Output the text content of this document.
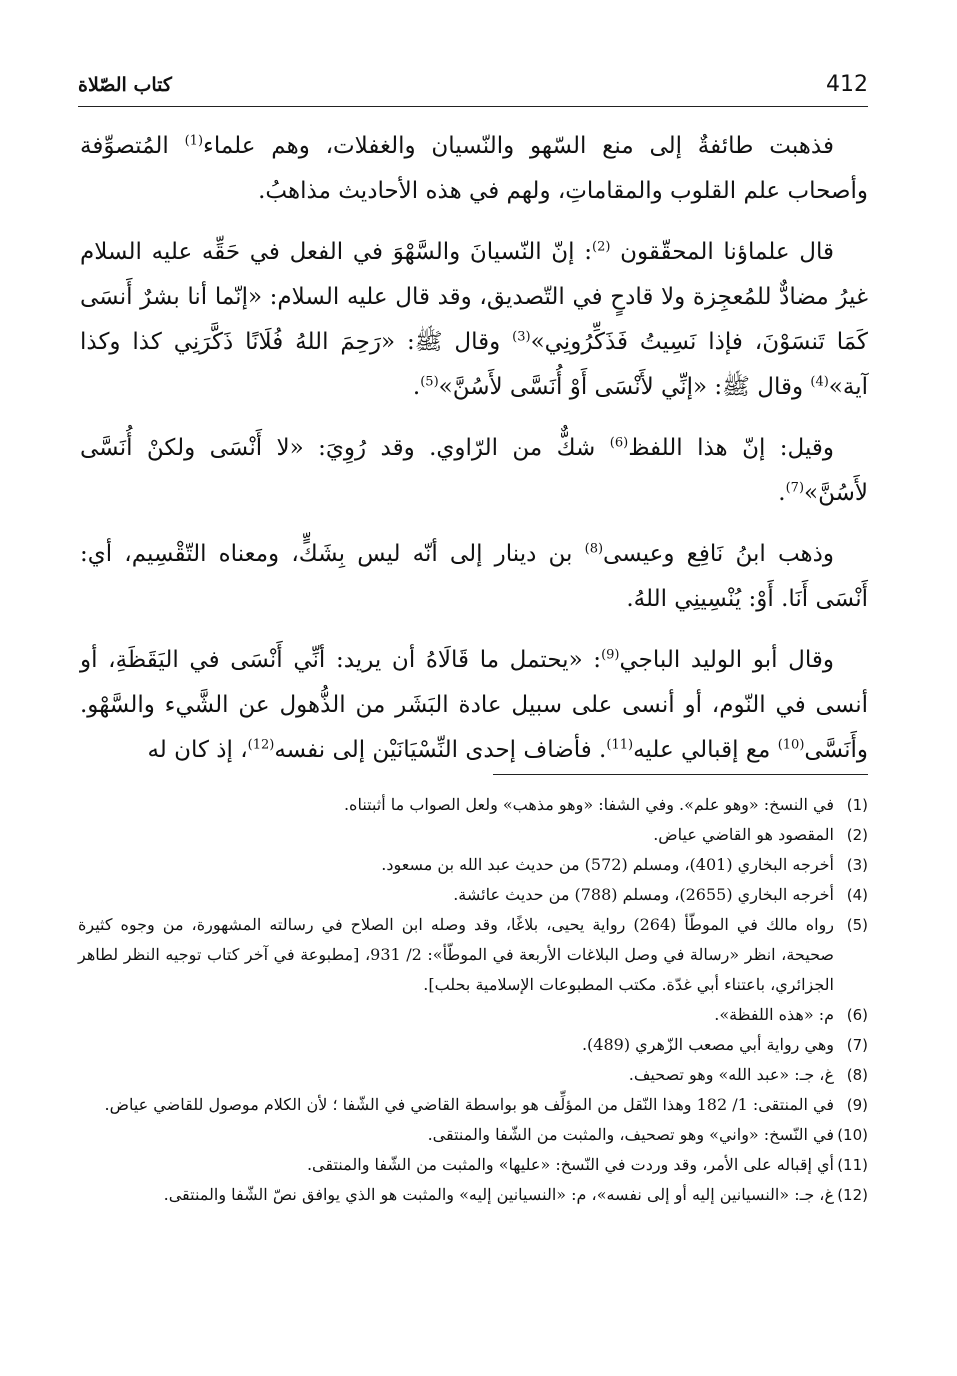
412
كتاب الصّلاة

فذهبت طائفةٌ إلى منع السّهو والنّسيان والغفلات، وهم علماء$^{(1)}$ المُتصوِّفة وأصحاب علم القلوب والمقاماتِ، ولهم في هذه الأحاديث مذاهبُ.

قال علماؤنا المحقّقون $^{(2)}$: إنّ النّسيانَ والسَّهْوَ في الفعل في حَقِّه عليه السلام غيرُ مضادٌّ للمُعجِزة ولا قادحٍ في التّصديق، وقد قال عليه السلام: «إنّما أنا بشرٌ أَنسَى كَمَا تَنسَوْنَ، فإذا نَسِيتُ فَذَكِّرُونِي»$^{(3)}$ وقال ﷺ: «رَحِمَ اللهُ فُلَانًا ذَكَّرَنِي كذا وكذا آية»$^{(4)}$ وقال ﷺ: «إنِّي لأَنْسَى أَوْ أُنَسَّى لأَسُنَّ»$^{(5)}$.

وقيل: إنّ هذا اللفظ$^{(6)}$ شكٌّ من الرّاوي. وقد رُوِيَ: «لا أَنْسَى ولكنْ أُنَسَّى لأَسُنَّ»$^{(7)}$.

وذهب ابنُ نَافِع وعيسى$^{(8)}$ بن دينار إلى أنّه ليس بِشَكٍّ، ومعناه التّقْسِيم، أي: أَنْسَى أَنَا. أَوْ: يُنْسِينِي اللهُ.

وقال أبو الوليد الباجي$^{(9)}$: «يحتمل ما قَالَاهُ أن يريد: أنِّي أَنْسَى في اليَقَظَةِ، أو أنسى في النّوم، أو أنسى على سبيل عادة البَشَر من الذُّهول عن الشَّيء والسَّهْو. وأَنَسَّى$^{(10)}$ مع إقبالي عليه$^{(11)}$. فأضاف إحدى النِّسْيَانَيْن إلى نفسه$^{(12)}$، إذ كان له

(1)
في النسخ: «وهو علم». وفي الشفا: «وهو مذهب» ولعل الصواب ما أثبتناه.
(2)
المقصود هو القاضي عياض.
(3)
أخرجه البخاري (401)، ومسلم (572) من حديث عبد الله بن مسعود.
(4)
أخرجه البخاري (2655)، ومسلم (788) من حديث عائشة.
(5)
رواه مالك في الموطّأ (264) رواية يحيى، بلاغًا، وقد وصله ابن الصلاح في رسالته المشهورة، من وجوه كثيرة صحيحة، انظر «رسالة في وصل البلاغات الأربعة في الموطّأ»: 2/ 931، [مطبوعة في آخر كتاب توجيه النظر لطاهر الجزائري، باعتناء أبي غدّة. مكتب المطبوعات الإسلامية بحلب].
(6)
م: «هذه اللفظة».
(7)
وهي رواية أبي مصعب الزّهري (489).
(8)
غ، جـ: «عبد الله» وهو تصحيف.
(9)
في المنتقى: 1/ 182 وهذا النّقل من المؤلِّف هو بواسطة القاضي في الشّفا ؛ لأن الكلام موصول للقاضي عياض.
(10)
في النّسخ: «واني» وهو تصحيف، والمثبت من الشّفا والمنتقى.
(11)
أي إقباله على الأمر، وقد وردت في النّسخ: «عليها» والمثبت من الشّفا والمنتقى.
(12)
غ، جـ: «النسيانين إليه أو إلى نفسه»، م: «النسيانين إليه» والمثبت هو الذي يوافق نصّ الشّفا والمنتقى.
